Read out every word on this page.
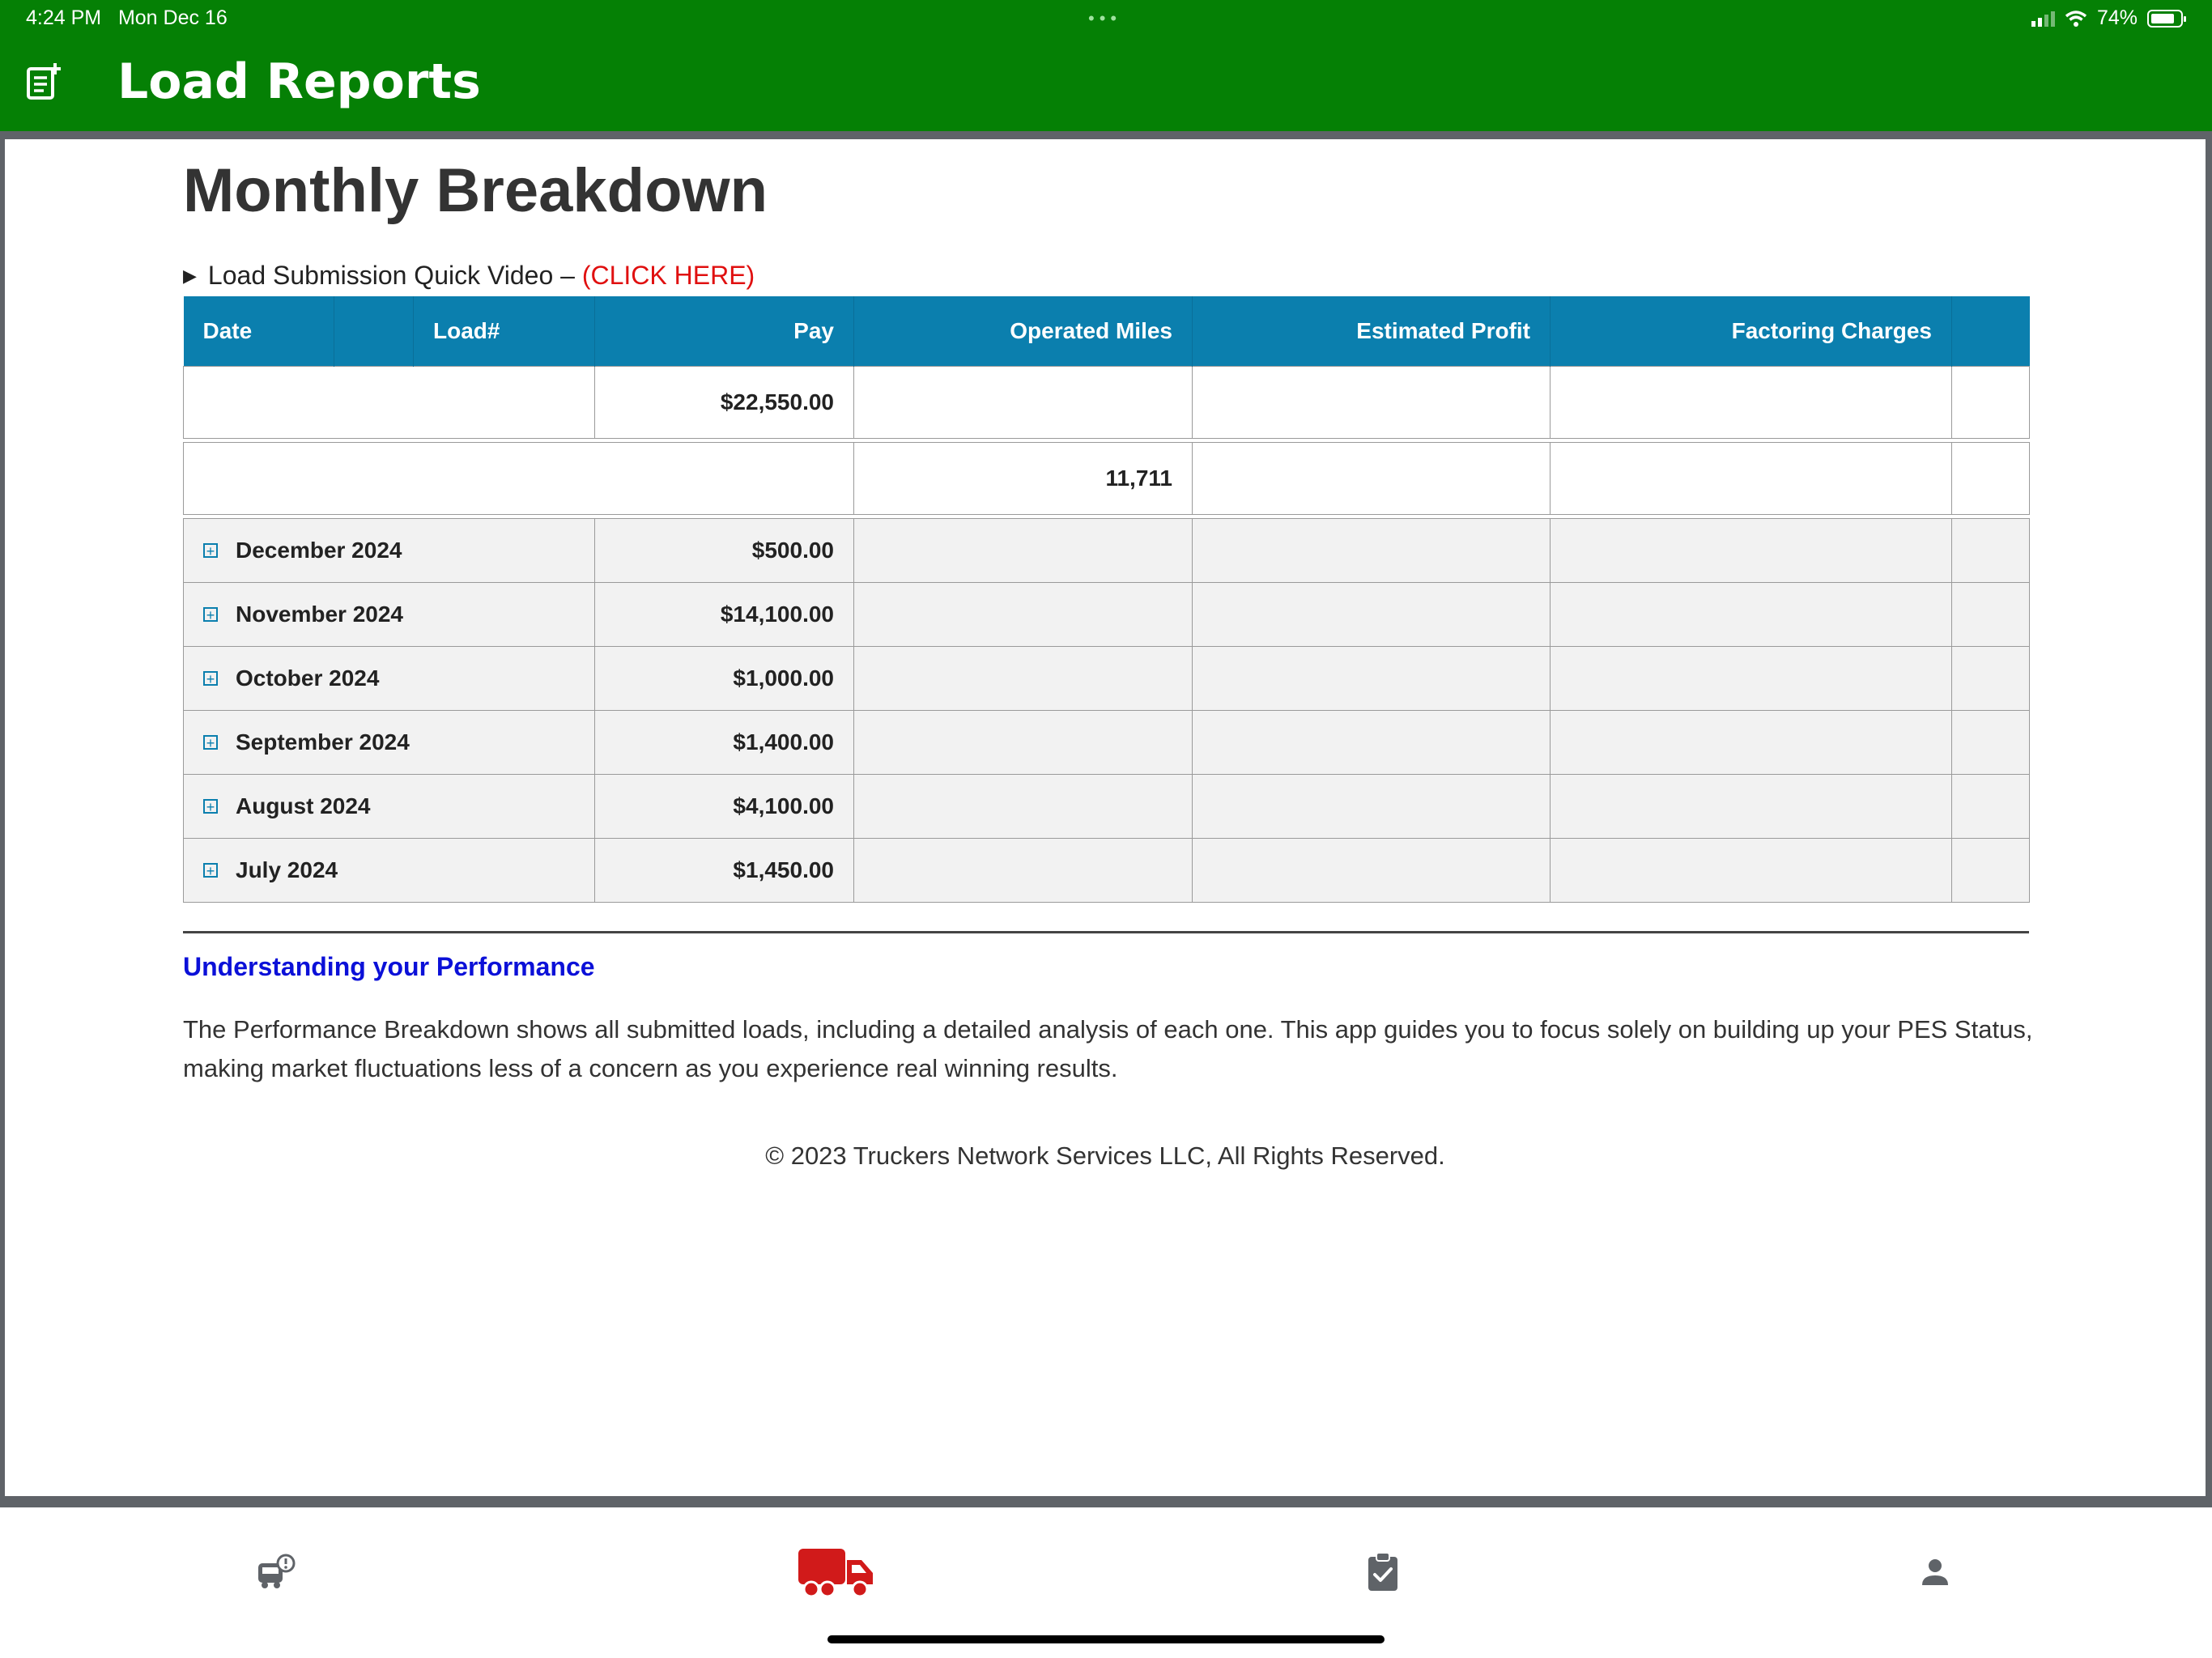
4:24 PM Mon Dec 16	•••	74%
Load Reports
Monthly Breakdown
▶ Load Submission Quick Video – (CLICK HERE)
Date		Load#	Pay	Operated Miles	Estimated Profit	Factoring Charges	
			$22,550.00				

				11,711			

+ December 2024			$500.00				
+ November 2024			$14,100.00				
+ October 2024			$1,000.00				
+ September 2024			$1,400.00				
+ August 2024			$4,100.00				
+ July 2024			$1,450.00				
Understanding your Performance
The Performance Breakdown shows all submitted loads, including a detailed analysis of each one. This app guides you to focus solely on building up your PES Status, making market fluctuations less of a concern as you experience real winning results.
© 2023 Truckers Network Services LLC, All Rights Reserved.
